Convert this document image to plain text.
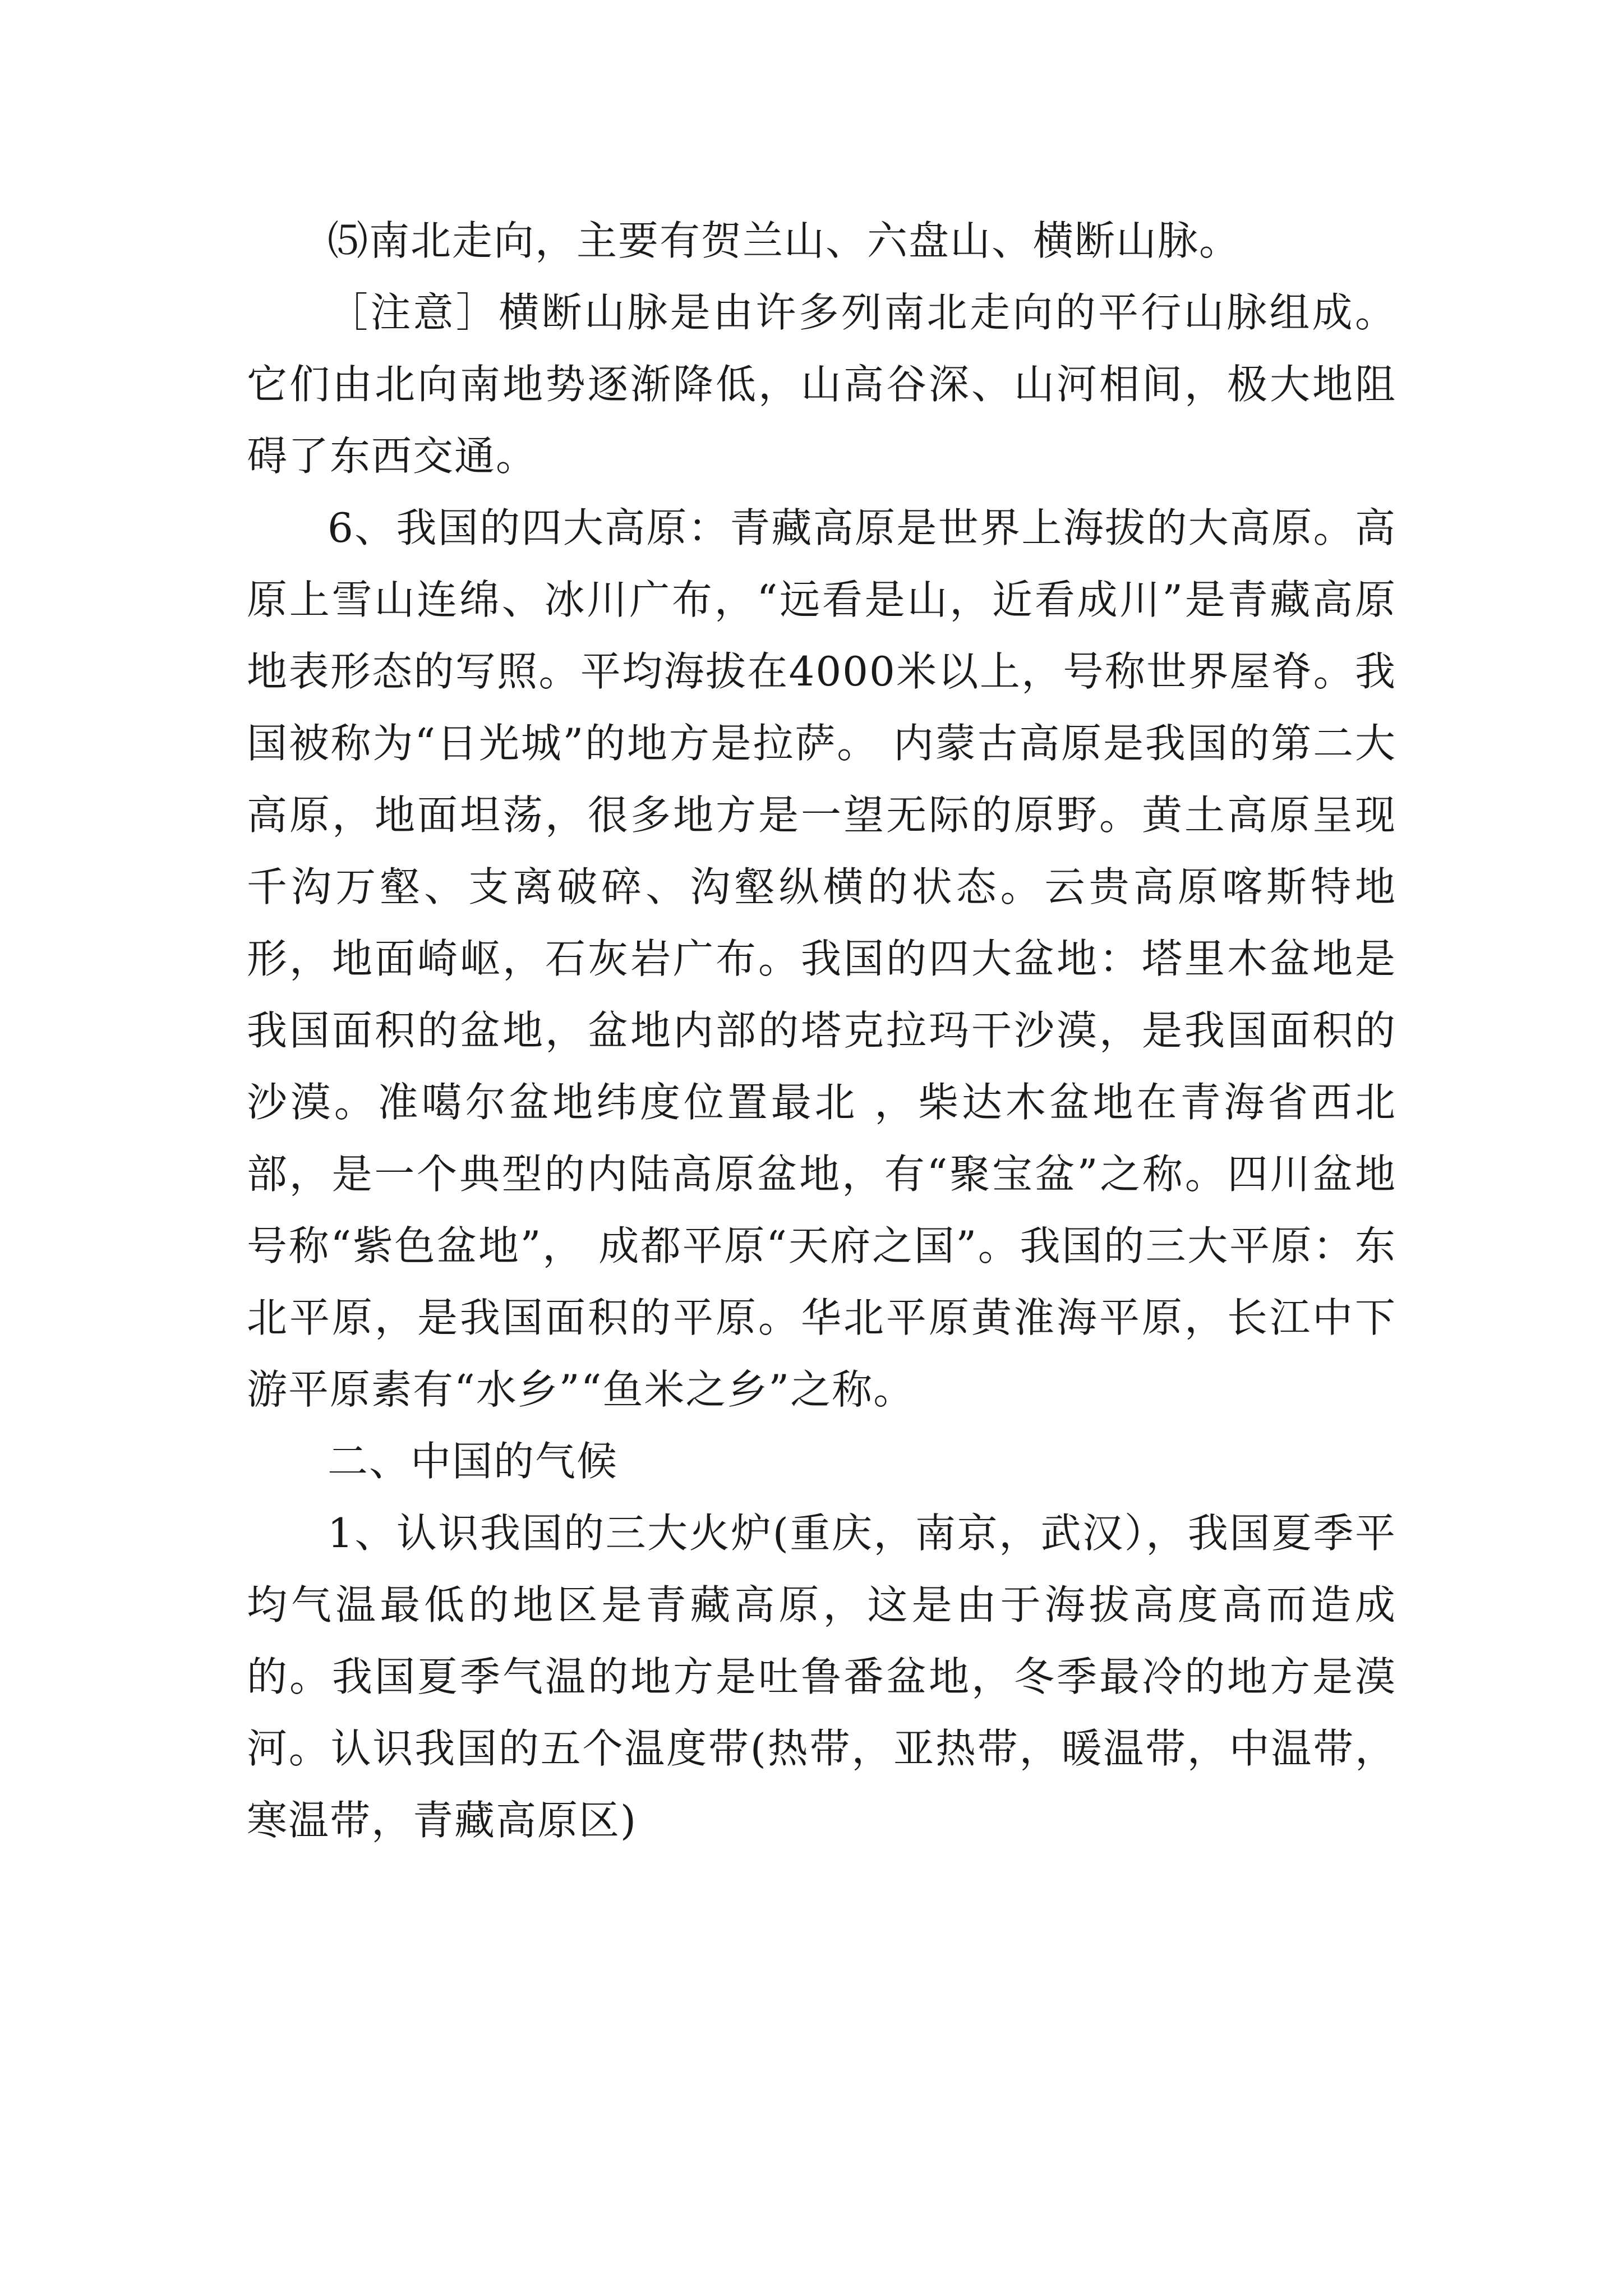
⑸南北走向，主要有贺兰山、六盘山、横断山脉。

［注意］横断山脉是由许多列南北走向的平行山脉组成。它们由北向南地势逐渐降低，山高谷深、山河相间，极大地阻碍了东西交通。

6、我国的四大高原：青藏高原是世界上海拔的大高原。高原上雪山连绵、冰川广布，“远看是山，近看成川”是青藏高原地表形态的写照。平均海拔在4000米以上，号称世界屋脊。我国被称为“日光城”的地方是拉萨。 内蒙古高原是我国的第二大高原，地面坦荡，很多地方是一望无际的原野。黄土高原呈现千沟万壑、支离破碎、沟壑纵横的状态。云贵高原喀斯特地形，地面崎岖，石灰岩广布。我国的四大盆地：塔里木盆地是我国面积的盆地，盆地内部的塔克拉玛干沙漠，是我国面积的沙漠。准噶尔盆地纬度位置最北 ，柴达木盆地在青海省西北部，是一个典型的内陆高原盆地，有“聚宝盆”之称。四川盆地号称“紫色盆地”， 成都平原“天府之国”。我国的三大平原：东北平原，是我国面积的平原。华北平原黄淮海平原，长江中下游平原素有“水乡”“鱼米之乡”之称。

二、中国的气候

1、认识我国的三大火炉(重庆，南京，武汉），我国夏季平均气温最低的地区是青藏高原，这是由于海拔高度高而造成的。我国夏季气温的地方是吐鲁番盆地，冬季最冷的地方是漠河。认识我国的五个温度带(热带，亚热带，暖温带，中温带，寒温带，青藏高原区)
